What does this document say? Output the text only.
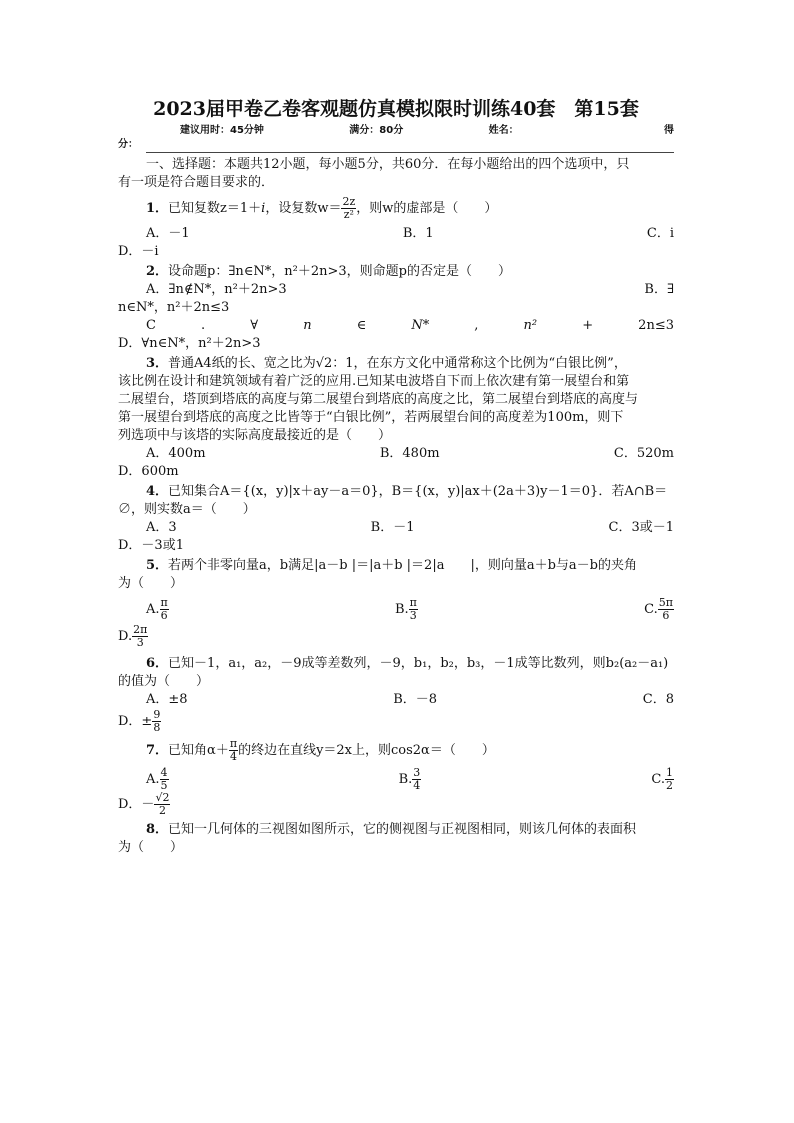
2023届甲卷乙卷客观题仿真模拟限时训练40套　第15套
建议用时：45分钟	满分：80分	姓名：	得
分：
一、选择题：本题共12小题，每小题5分，共60分．在每小题给出的四个选项中，只
有一项是符合题目要求的．
1．已知复数z＝1＋i，设复数$w= \frac{2z}{\text{z²}}$ ，则w的虚部是（　　）
A．－1	B．1	C．i
D．－i
2．设命题p：∃n∈N*，n²＋2n>3，则命题p的否定是（　　）
A．∃n∉N*，n²＋2n>3	B．∃
n∈N*，n²＋2n≤3
C	.	∀	n	∈	N*	,	n²	+	2n≤3
D．∀n∈N*，n²＋2n>3
3．普通A4纸的长、宽之比为√2：1，在东方文化中通常称这个比例为“白银比例”，
该比例在设计和建筑领域有着广泛的应用.已知某电波塔自下而上依次建有第一展望台和第
二展望台，塔顶到塔底的高度与第二展望台到塔底的高度之比，第二展望台到塔底的高度与
第一展望台到塔底的高度之比皆等于“白银比例”，若两展望台间的高度差为100m，则下
列选项中与该塔的实际高度最接近的是（　　）
A．400m	B．480m	C．520m
D．600m
4．已知集合A＝{(x，y)|x＋ay－a＝0}，B＝{(x，y)|ax＋(2a＋3)y－1＝0}．若A∩B＝
∅，则实数a＝（　　）
A．3	B．－1	C．3或－1
D．－3或1
5．若两个非零向量a，b满足|a－b |＝|a＋b |＝2|a　　|，则向量a＋b与a－b的夹角
为（　　）
A. $\frac{\pi}{6}$	B. $\frac{\pi}{3}$	C. $\frac{5\pi}{6}$
D. $\frac{2\pi}{3}$
6．已知－1，a₁，a₂，－9成等差数列，－9，b₁，b₂，b₃，－1成等比数列，则b₂(a₂－a₁)
的值为（　　）
A．±8	B．－8	C．8
D．± $\frac{9}{8}$
7．已知角$\alpha+ \frac{\pi}{4}$ 的终边在直线y＝2x上，则cos2α＝（　　）
A. $\frac{4}{5}$	B. $\frac{3}{4}$	C. $\frac{1}{2}$
D．－ $\frac{√2}{2}$
8．已知一几何体的三视图如图所示，它的侧视图与正视图相同，则该几何体的表面积
为（　　）
